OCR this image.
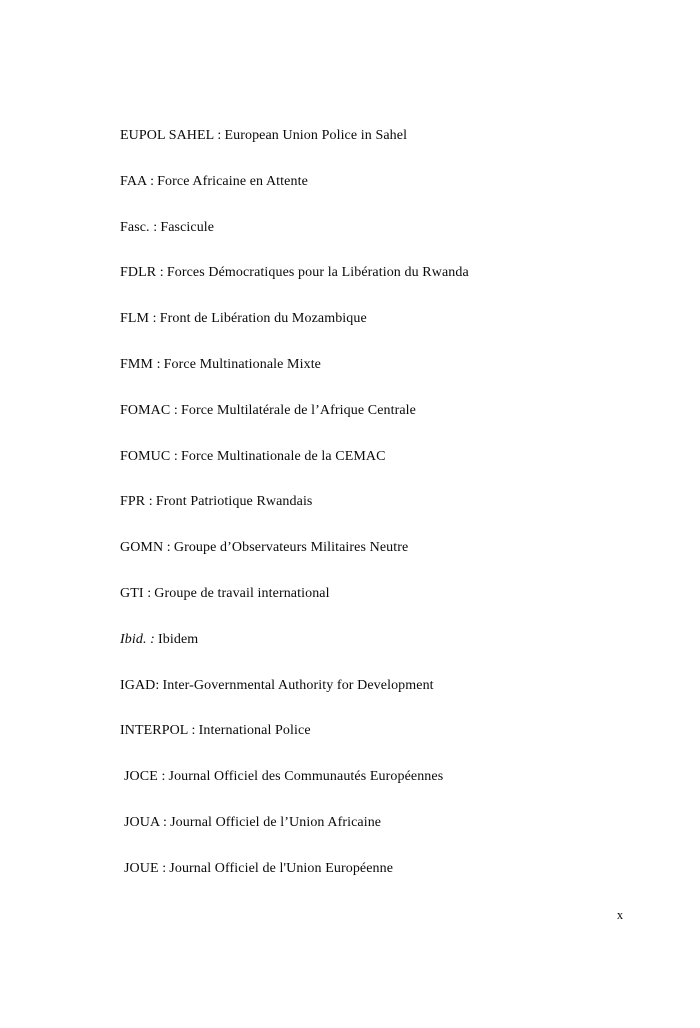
EUPOL SAHEL : European Union Police in Sahel
FAA : Force Africaine en Attente
Fasc. : Fascicule
FDLR : Forces Démocratiques pour la Libération du Rwanda
FLM : Front de Libération du Mozambique
FMM : Force Multinationale Mixte
FOMAC : Force Multilatérale de l’Afrique Centrale
FOMUC : Force Multinationale de la CEMAC
FPR : Front Patriotique Rwandais
GOMN : Groupe d’Observateurs Militaires Neutre
GTI : Groupe de travail international
Ibid. : Ibidem
IGAD: Inter-Governmental Authority for Development
INTERPOL : International Police
JOCE : Journal Officiel des Communautés Européennes
JOUA : Journal Officiel de l’Union Africaine
JOUE : Journal Officiel de l'Union Européenne
x
